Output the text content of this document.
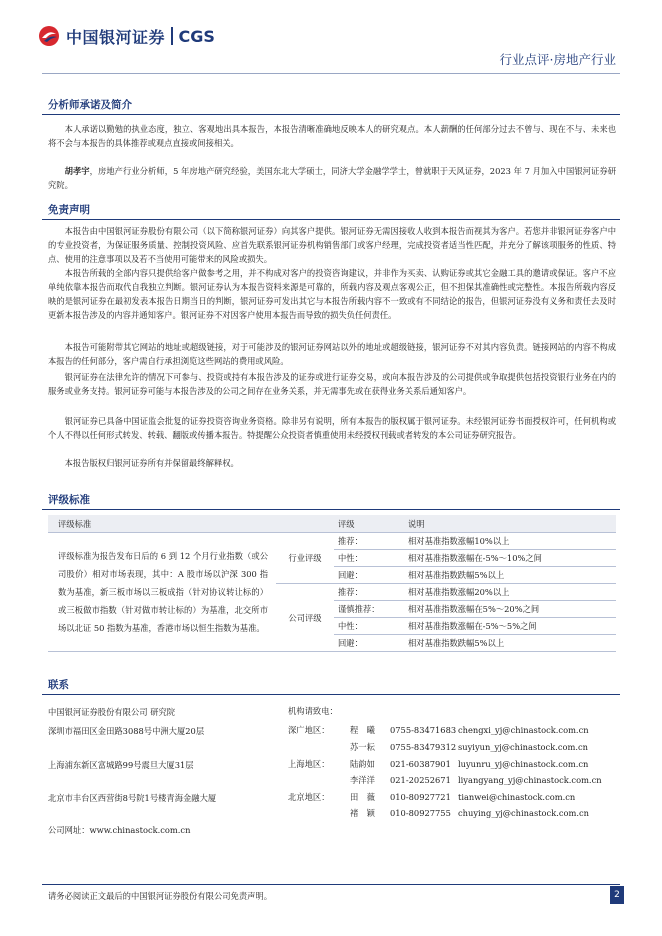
中国银河证券 CGS
行业点评·房地产行业
分析师承诺及简介

本人承诺以勤勉的执业态度，独立、客观地出具本报告，本报告清晰准确地反映本人的研究观点。本人薪酬的任何部分过去不曾与、现在不与、未来也将不会与本报告的具体推荐或观点直接或间接相关。

胡孝宇，房地产行业分析师，5 年房地产研究经验，美国东北大学硕士，同济大学金融学学士，曾就职于天风证券，2023 年 7 月加入中国银河证券研究院。

免责声明

本报告由中国银河证券股份有限公司（以下简称银河证券）向其客户提供。银河证券无需因接收人收到本报告而视其为客户。若您并非银河证券客户中的专业投资者，为保证服务质量、控制投资风险、应首先联系银河证券机构销售部门或客户经理，完成投资者适当性匹配，并充分了解该项服务的性质、特点、使用的注意事项以及若不当使用可能带来的风险或损失。

本报告所载的全部内容只提供给客户做参考之用，并不构成对客户的投资咨询建议，并非作为买卖、认购证券或其它金融工具的邀请或保证。客户不应单纯依靠本报告而取代自我独立判断。银河证券认为本报告资料来源是可靠的，所载内容及观点客观公正，但不担保其准确性或完整性。本报告所载内容反映的是银河证券在最初发表本报告日期当日的判断，银河证券可发出其它与本报告所载内容不一致或有不同结论的报告，但银河证券没有义务和责任去及时更新本报告涉及的内容并通知客户。银河证券不对因客户使用本报告而导致的损失负任何责任。

本报告可能附带其它网站的地址或超级链接，对于可能涉及的银河证券网站以外的地址或超级链接，银河证券不对其内容负责。链接网站的内容不构成本报告的任何部分，客户需自行承担浏览这些网站的费用或风险。

银河证券在法律允许的情况下可参与、投资或持有本报告涉及的证券或进行证券交易，或向本报告涉及的公司提供或争取提供包括投资银行业务在内的服务或业务支持。银河证券可能与本报告涉及的公司之间存在业务关系，并无需事先或在获得业务关系后通知客户。

银河证券已具备中国证监会批复的证券投资咨询业务资格。除非另有说明，所有本报告的版权属于银河证券。未经银河证券书面授权许可，任何机构或个人不得以任何形式转发、转载、翻版或传播本报告。特提醒公众投资者慎重使用未经授权刊载或者转发的本公司证券研究报告。

本报告版权归银河证券所有并保留最终解释权。

评级标准
评级标准		评级	说明
评级标准为报告发布日后的 6 到 12 个月行业指数（或公司股价）相对市场表现，其中：A 股市场以沪深 300 指数为基准，新三板市场以三板成指（针对协议转让标的）或三板做市指数（针对做市转让标的）为基准，北交所市场以北证 50 指数为基准，香港市场以恒生指数为基准。	行业评级	推荐：	相对基准指数涨幅10%以上
		中性：	相对基准指数涨幅在-5%～10%之间
		回避：	相对基准指数跌幅5%以上
	公司评级	推荐：	相对基准指数涨幅20%以上
		谨慎推荐：	相对基准指数涨幅在5%～20%之间
		中性：	相对基准指数涨幅在-5%～5%之间
		回避：	相对基准指数跌幅5%以上
联系
中国银河证券股份有限公司 研究院	机构请致电：
深圳市福田区金田路3088号中洲大厦20层	深广地区： 程　曦 0755-83471683 chengxi_yj@chinastock.com.cn
苏一耘 0755-83479312 suyiyun_yj@chinastock.com.cn
上海浦东新区富城路99号震旦大厦31层	上海地区： 陆韵如 021-60387901 luyunru_yj@chinastock.com.cn
李洋洋 021-20252671 liyangyang_yj@chinastock.com.cn
北京市丰台区西营街8号院1号楼青海金融大厦	北京地区： 田　薇 010-80927721 tianwei@chinastock.com.cn
褚　颖 010-80927755 chuying_yj@chinastock.com.cn
公司网址：www.chinastock.com.cn
请务必阅读正文最后的中国银河证券股份有限公司免责声明。	2
